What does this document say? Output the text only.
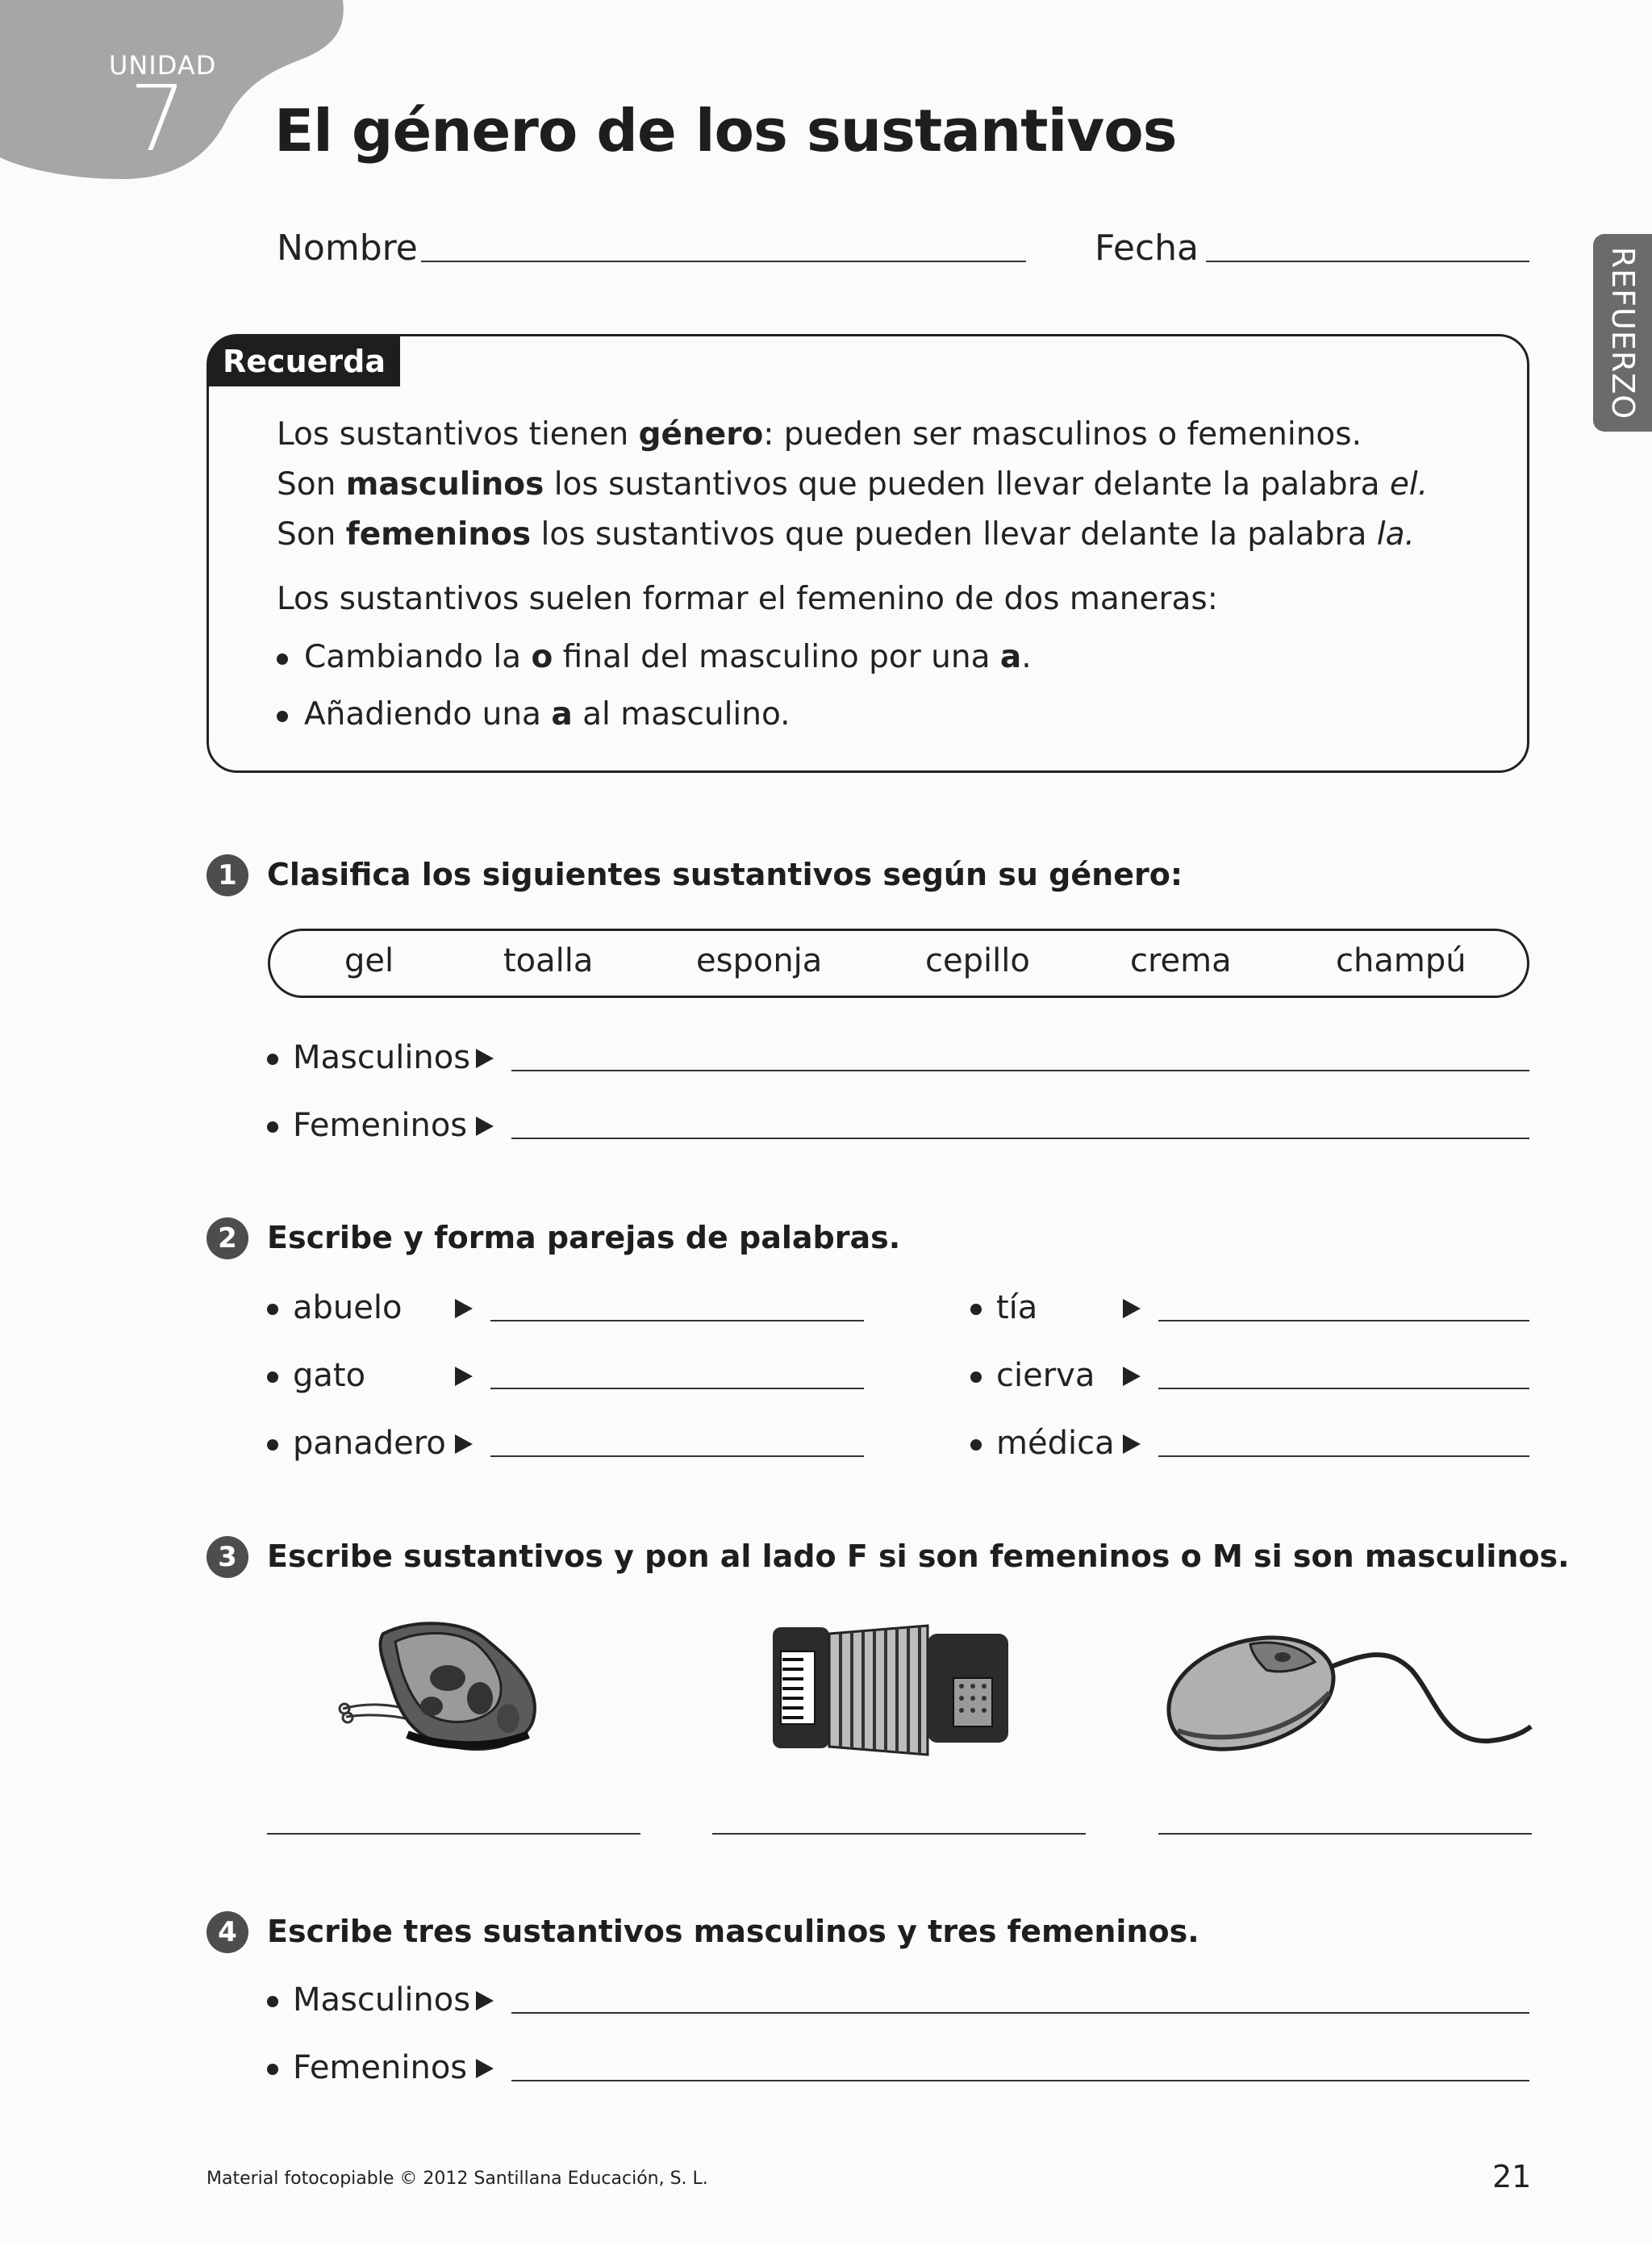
UNIDAD
7 El género de los sustantivos
REFUERZO
Nombre	Fecha
Recuerda
Los sustantivos tienen género: pueden ser masculinos o femeninos.
Son masculinos los sustantivos que pueden llevar delante la palabra el.
Son femeninos los sustantivos que pueden llevar delante la palabra la.
Los sustantivos suelen formar el femenino de dos maneras:
Cambiando la o final del masculino por una a.
Añadiendo una a al masculino.
1 Clasifica los siguientes sustantivos según su género:
gel	toalla	esponja	cepillo	crema	champú
Masculinos
Femeninos
2 Escribe y forma parejas de palabras.
abuelo
gato
panadero
tía
cierva
médica
3 Escribe sustantivos y pon al lado F si son femeninos o M si son masculinos.
4 Escribe tres sustantivos masculinos y tres femeninos.
Masculinos
Femeninos
Material fotocopiable © 2012 Santillana Educación, S. L.	21
